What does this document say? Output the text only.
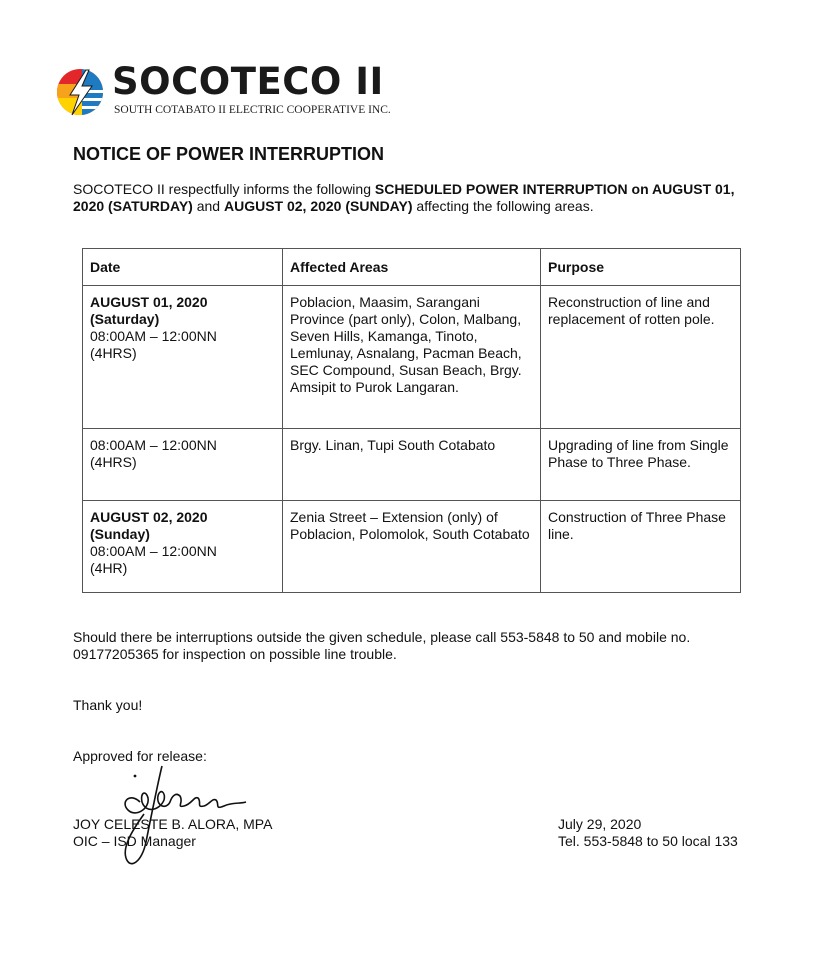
SOCOTECO II
SOUTH COTABATO II ELECTRIC COOPERATIVE INC.
NOTICE OF POWER INTERRUPTION
SOCOTECO II respectfully informs the following SCHEDULED POWER INTERRUPTION on AUGUST 01, 2020 (SATURDAY) and AUGUST 02, 2020 (SUNDAY) affecting the following areas.
Date	Affected Areas	Purpose

AUGUST 01, 2020
(Saturday)
08:00AM – 12:00NN
(4HRS)	Poblacion, Maasim, Sarangani Province (part only), Colon, Malbang, Seven Hills, Kamanga, Tinoto, Lemlunay, Asnalang, Pacman Beach, SEC Compound, Susan Beach, Brgy. Amsipit to Purok Langaran.	Reconstruction of line and replacement of rotten pole.

08:00AM – 12:00NN
(4HRS)	Brgy. Linan, Tupi South Cotabato	Upgrading of line from Single Phase to Three Phase.

AUGUST 02, 2020
(Sunday)
08:00AM – 12:00NN
(4HR)	Zenia Street – Extension (only) of Poblacion, Polomolok, South Cotabato	Construction of Three Phase line.
Should there be interruptions outside the given schedule, please call 553-5848 to 50 and mobile no. 09177205365 for inspection on possible line trouble.
Thank you!
Approved for release:
JOY CELESTE B. ALORA, MPA
OIC – ISD Manager
July 29, 2020
Tel. 553-5848 to 50 local 133
